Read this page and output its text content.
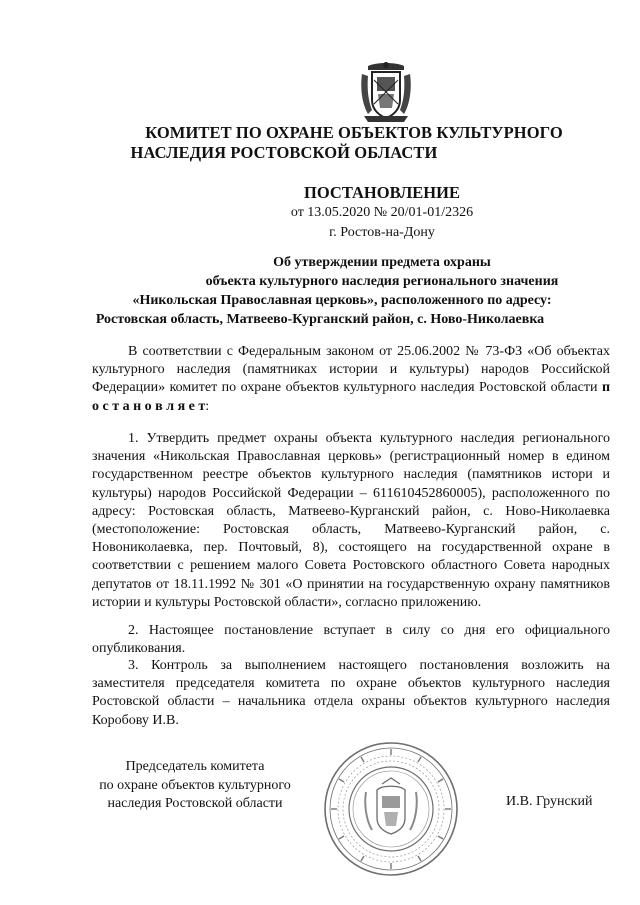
КОМИТЕТ ПО ОХРАНЕ ОБЪЕКТОВ КУЛЬТУРНОГО
НАСЛЕДИЯ РОСТОВСКОЙ ОБЛАСТИ
ПОСТАНОВЛЕНИЕ
от 13.05.2020 № 20/01-01/2326
г. Ростов-на-Дону
Об утверждении предмета охраны
объекта культурного наследия регионального значения
«Никольская Православная церковь», расположенного по адресу:
Ростовская область, Матвеево-Курганский район, с. Ново-Николаевка
В соответствии с Федеральным законом от 25.06.2002 № 73-ФЗ «Об объектах культурного наследия (памятниках истории и культуры) народов Российской Федерации» комитет по охране объектов культурного наследия Ростовской области п о с т а н о в л я е т:
1. Утвердить предмет охраны объекта культурного наследия регионального значения «Никольская Православная церковь» (регистрационный номер в едином государственном реестре объектов культурного наследия (памятников истори и культуры) народов Российской Федерации – 611610452860005), расположенного по адресу: Ростовская область, Матвеево-Курганский район, с. Ново-Николаевка (местоположение: Ростовская область, Матвеево-Курганский район, с. Новониколаевка, пер. Почтовый, 8), состоящего на государственной охране в соответствии с решением малого Совета Ростовского областного Совета народных депутатов от 18.11.1992 № 301 «О принятии на государственную охрану памятников истории и культуры Ростовской области», согласно приложению.
2. Настоящее постановление вступает в силу со дня его официального опубликования.
3. Контроль за выполнением настоящего постановления возложить на заместителя председателя комитета по охране объектов культурного наследия Ростовской области – начальника отдела охраны объектов культурного наследия Коробову И.В.
Председатель комитета
по охране объектов культурного
наследия Ростовской области	И.В. Грунский
